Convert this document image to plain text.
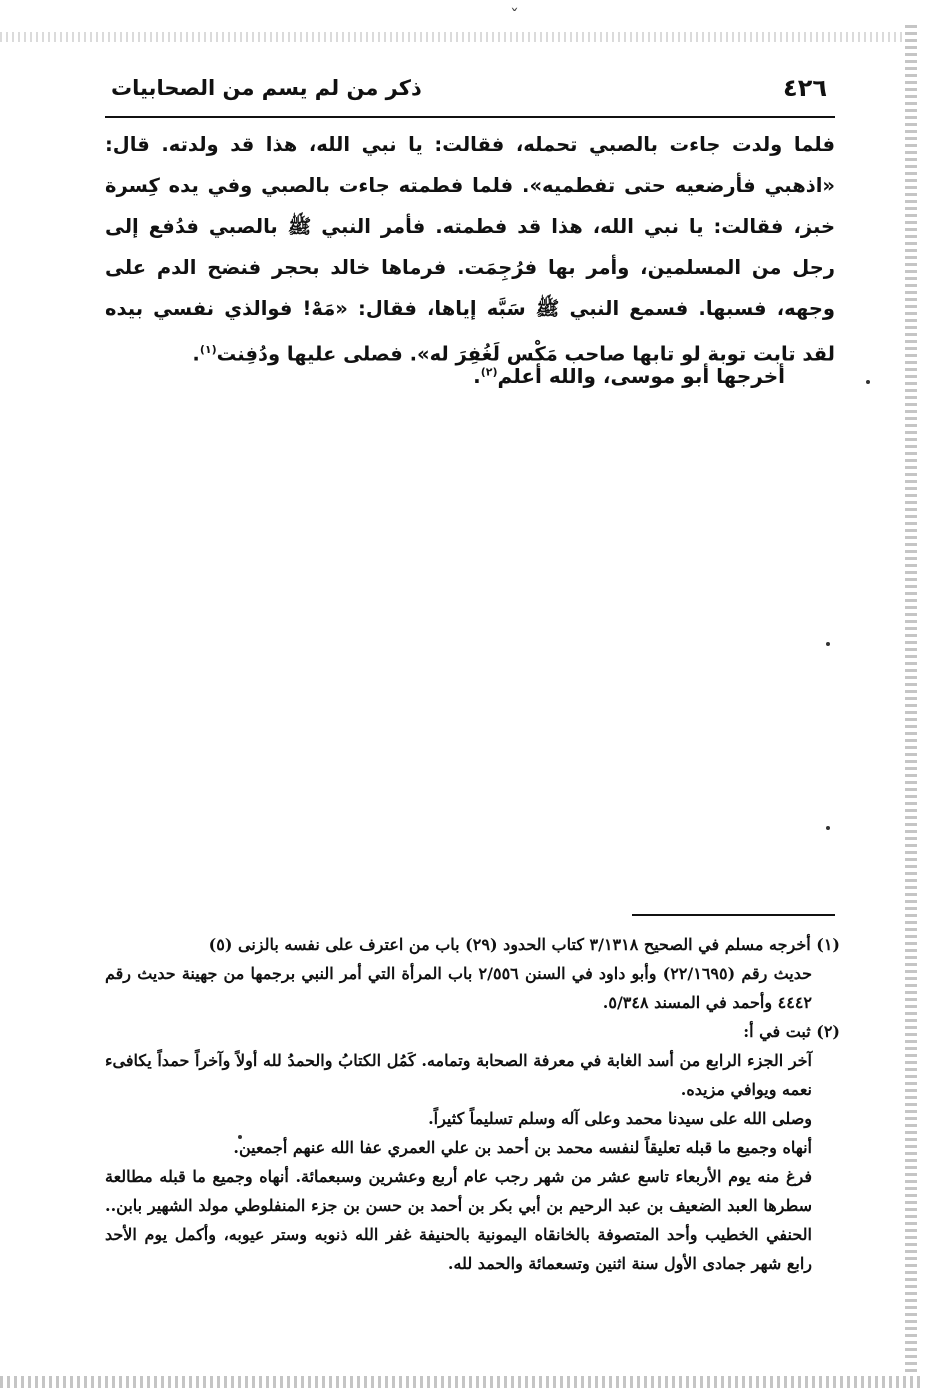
ˇ
٤٢٦
ذكر من لم يسم من الصحابيات

فلما ولدت جاءت بالصبي تحمله، فقالت: يا نبي الله، هذا قد ولدته. قال: «اذهبي فأرضعيه حتى تفطميه». فلما فطمته جاءت بالصبي وفي يده كِسرة خبز، فقالت: يا نبي الله، هذا قد فطمته. فأمر النبي ﷺ بالصبي فدُفع إلى رجل من المسلمين، وأمر بها فرُجِمَت. فرماها خالد بحجر فنضح الدم على وجهه، فسبها. فسمع النبي ﷺ سَبَّه إياها، فقال: «مَهْ! فوالذي نفسي بيده لقد تابت توبة لو تابها صاحب مَكْس لَغُفِرَ له». فصلى عليها ودُفِنت$^{(١)}$.

أخرجها أبو موسى، والله أعلم$^{(٢)}$.

(١) أخرجه مسلم في الصحيح ٣/١٣١٨ كتاب الحدود (٢٩) باب من اعترف على نفسه بالزنى (٥)

حديث رقم (٢٢/١٦٩٥) وأبو داود في السنن ٢/٥٥٦ باب المرأة التي أمر النبي برجمها من جهينة حديث رقم ٤٤٤٢ وأحمد في المسند ٥/٣٤٨.

(٢) ثبت في أ:

آخر الجزء الرابع من أسد الغابة في معرفة الصحابة وتمامه. كَمُل الكتابُ والحمدُ لله أولاً وآخراً حمداً يكافىء نعمه ويوافي مزيده.

وصلى الله على سيدنا محمد وعلى آله وسلم تسليماً كثيراً.

أنهاه وجميع ما قبله تعليقاً لنفسه محمد بن أحمد بن علي العمري عفا الله عنهم أجمعين.

فرغ منه يوم الأربعاء تاسع عشر من شهر رجب عام أربع وعشرين وسبعمائة. أنهاه وجميع ما قبله مطالعة سطرها العبد الضعيف بن عبد الرحيم بن أبي بكر بن أحمد بن حسن بن جزء المنفلوطي مولد الشهير بابن.. الحنفي الخطيب وأحد المتصوفة بالخانقاه اليمونية بالحنيفة غفر الله ذنوبه وستر عيوبه، وأكمل يوم الأحد رابع شهر جمادى الأول سنة اثنين وتسعمائة والحمد لله.
